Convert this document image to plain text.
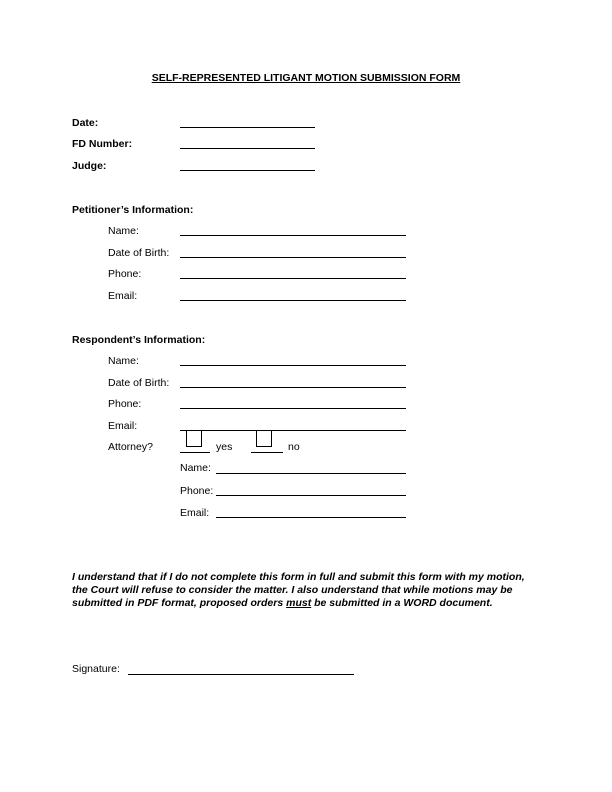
SELF-REPRESENTED LITIGANT MOTION SUBMISSION FORM
Date:
FD Number:
Judge:
Petitioner’s Information:
Name:
Date of Birth:
Phone:
Email:
Respondent’s Information:
Name:
Date of Birth:
Phone:
Email:
Attorney?	yes	no
Name:
Phone:
Email:
I understand that if I do not complete this form in full and submit this form with my motion, the Court will refuse to consider the matter. I also understand that while motions may be submitted in PDF format, proposed orders must be submitted in a WORD document.
Signature:
